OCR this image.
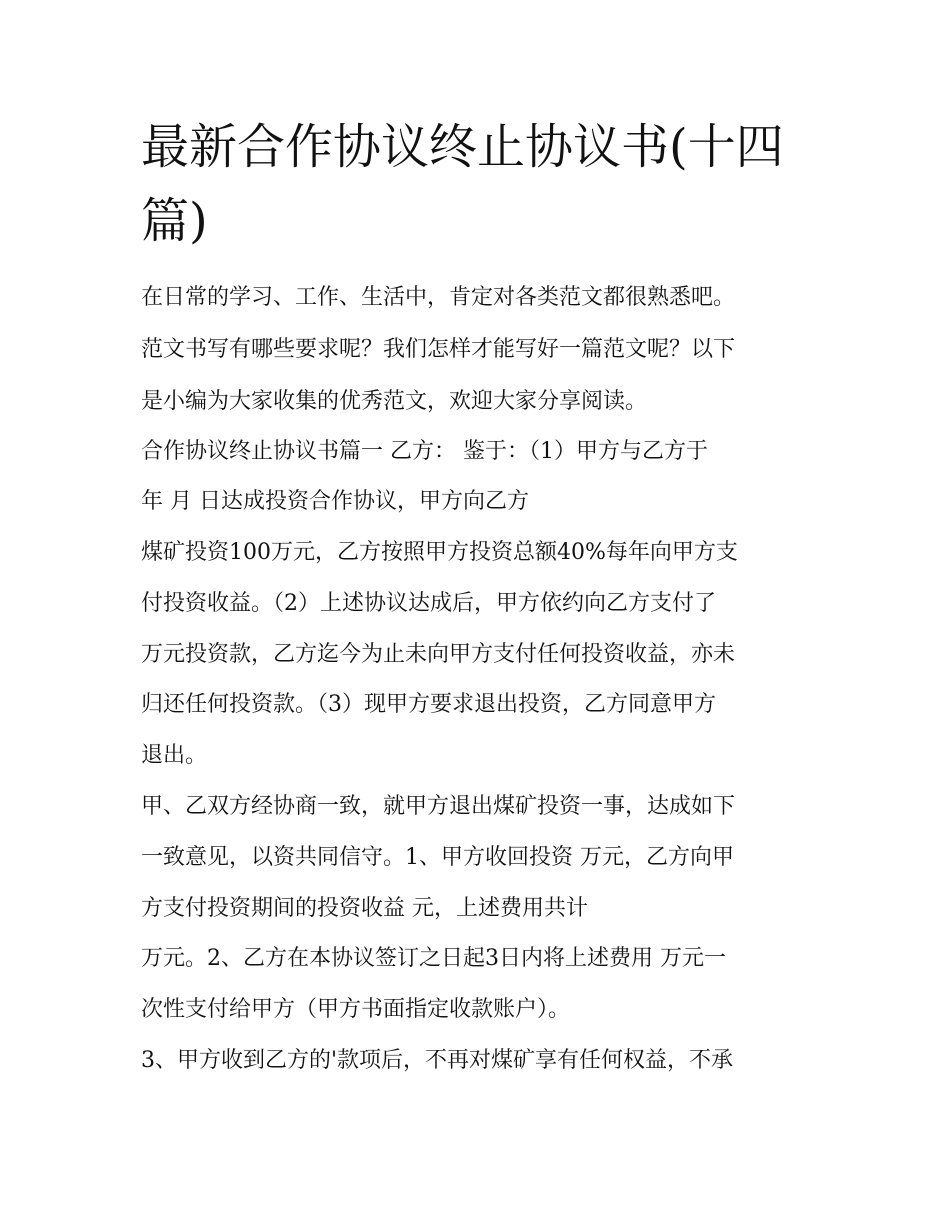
最新合作协议终止协议书(十四
篇)

在日常的学习、工作、生活中，肯定对各类范文都很熟悉吧。

范文书写有哪些要求呢？我们怎样才能写好一篇范文呢？以下

是小编为大家收集的优秀范文，欢迎大家分享阅读。

合作协议终止协议书篇一 乙方： 鉴于：（1）甲方与乙方于

年 月 日达成投资合作协议，甲方向乙方

煤矿投资100万元，乙方按照甲方投资总额40%每年向甲方支

付投资收益。（2）上述协议达成后，甲方依约向乙方支付了

万元投资款，乙方迄今为止未向甲方支付任何投资收益，亦未

归还任何投资款。（3）现甲方要求退出投资，乙方同意甲方

退出。

甲、乙双方经协商一致，就甲方退出煤矿投资一事，达成如下

一致意见，以资共同信守。1、甲方收回投资 万元，乙方向甲

方支付投资期间的投资收益 元，上述费用共计

万元。2、乙方在本协议签订之日起3日内将上述费用 万元一

次性支付给甲方（甲方书面指定收款账户）。

3、甲方收到乙方的'款项后，不再对煤矿享有任何权益，不承
